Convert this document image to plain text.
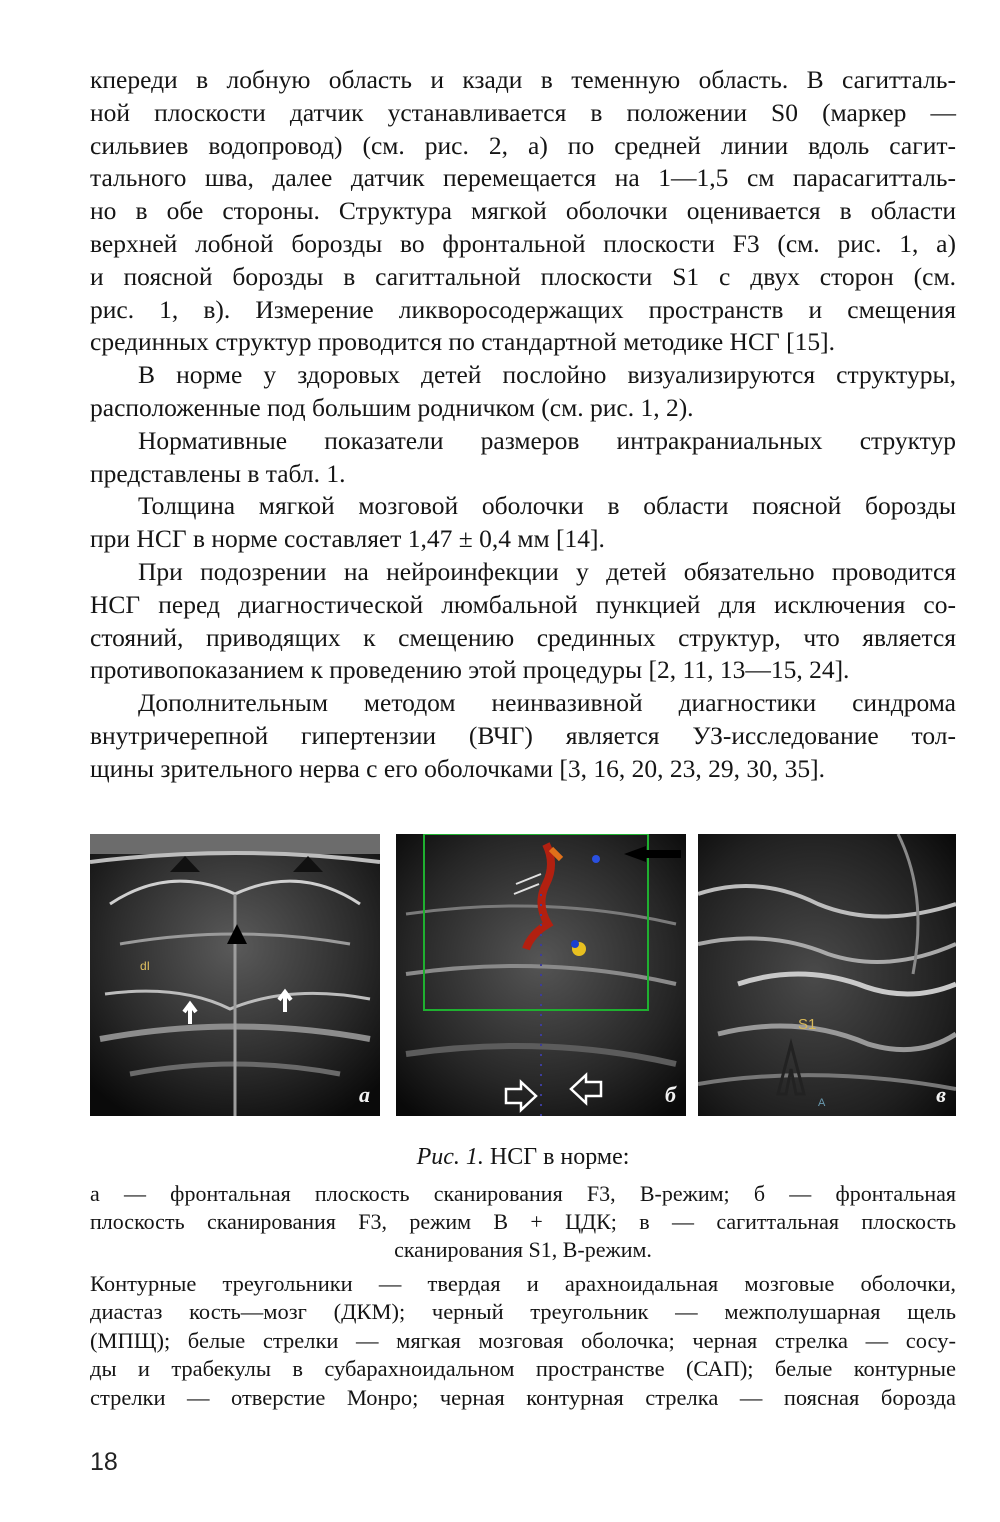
кпереди в лобную область и кзади в теменную область. В сагитталь-
ной плоскости датчик устанавливается в положении S0 (маркер —
сильвиев водопровод) (см. рис. 2, а) по средней линии вдоль сагит-
тального шва, далее датчик перемещается на 1—1,5 см парасагитталь-
но в обе стороны. Структура мягкой оболочки оценивается в области
верхней лобной борозды во фронтальной плоскости F3 (см. рис. 1, а)
и поясной борозды в сагиттальной плоскости S1 с двух сторон (см.
рис. 1, в). Измерение ликворосодержащих пространств и смещения
срединных структур проводится по стандартной методике НСГ [15].
В норме у здоровых детей послойно визуализируются структуры,
расположенные под большим родничком (см. рис. 1, 2).
Нормативные показатели размеров интракраниальных структур
представлены в табл. 1.
Толщина мягкой мозговой оболочки в области поясной борозды
при НСГ в норме составляет 1,47 ± 0,4 мм [14].
При подозрении на нейроинфекции у детей обязательно проводится
НСГ перед диагностической люмбальной пункцией для исключения со-
стояний, приводящих к смещению срединных структур, что является
противопоказанием к проведению этой процедуры [2, 11, 13—15, 24].
Дополнительным методом неинвазивной диагностики синдрома
внутричерепной гипертензии (ВЧГ) является УЗ-исследование тол-
щины зрительного нерва с его оболочками [3, 16, 20, 23, 29, 30, 35].
dI
а	б
S1
A	в
Рис. 1. НСГ в норме:
а — фронтальная плоскость сканирования F3, В-режим; б — фронтальная
плоскость сканирования F3, режим В + ЦДК; в — сагиттальная плоскость
сканирования S1, В-режим.
Контурные треугольники — твердая и арахноидальная мозговые оболочки,
диастаз кость—мозг (ДКМ); черный треугольник — межполушарная щель
(МПЩ); белые стрелки — мягкая мозговая оболочка; черная стрелка — сосу-
ды и трабекулы в субарахноидальном пространстве (САП); белые контурные
стрелки — отверстие Монро; черная контурная стрелка — поясная борозда
18
